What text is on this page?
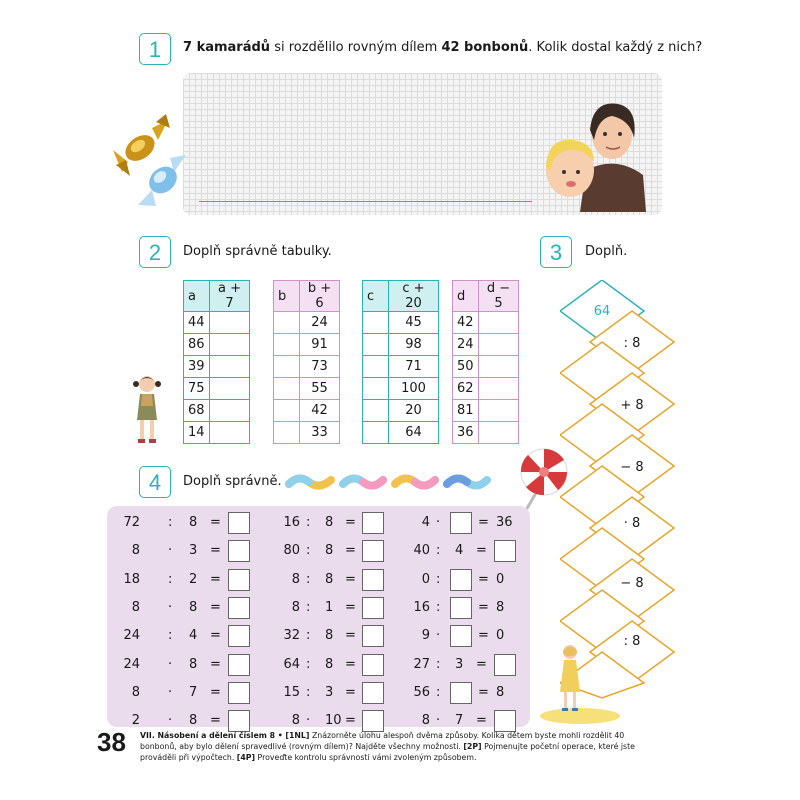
1	7 kamarádů si rozdělilo rovným dílem 42 bonbonů. Kolik dostal každý z nich?
2	Doplň správně tabulky.
a	a + 7
44	
86	
39	
75	
68	
14	
b	b + 6
	24
	91
	73
	55
	42
	33
c	c + 20
	45
	98
	71
	100
	20
	64
d	d − 5
42	
24	
50	
62	
81	
36	
3	Doplň.
64
: 8
+ 8
− 8
· 8
− 8
: 8
4	Doplň správně.
72 : 8 =
8 · 3 =
18 : 2 =
8 · 8 =
24 : 4 =
24 · 8 =
8 · 7 =
2 · 8 =
16 : 8 =
80 : 8 =
8 : 8 =
8 : 1 =
32 : 8 =
64 : 8 =
15 : 3 =
8 · 10 =
4 ·	= 36
40 : 4 =
0 :	= 0
16 :	= 8
9 ·	= 0
27 : 3 =
56 :	= 8
8 · 7 =
38 VII. Násobení a dělení číslem 8 • [1NL] Znázorněte úlohu alespoň dvěma způsoby. Kolika dětem byste mohli rozdělit 40 bonbonů, aby bylo dělení spravedlivé (rovným dílem)? Najděte všechny možnosti. [2P] Pojmenujte početní operace, které jste prováděli při výpočtech. [4P] Proveďte kontrolu správnosti vámi zvoleným způsobem.
